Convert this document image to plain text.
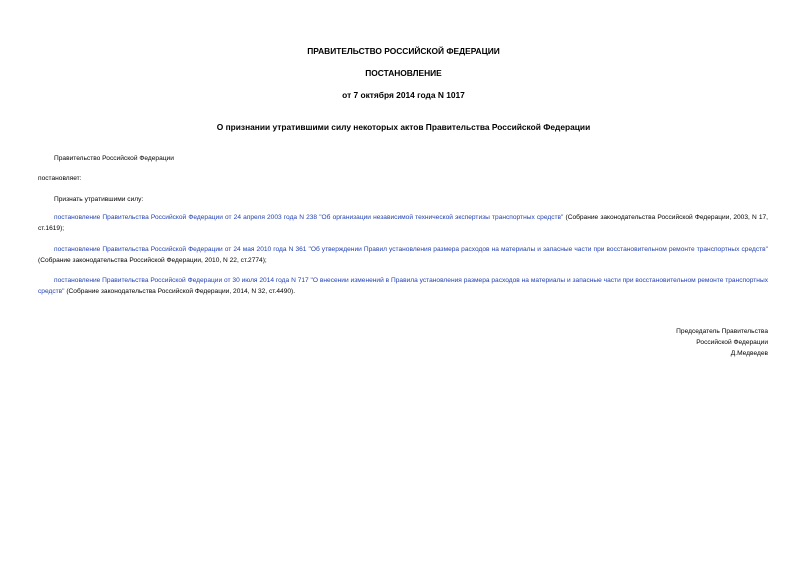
ПРАВИТЕЛЬСТВО РОССИЙСКОЙ ФЕДЕРАЦИИ
ПОСТАНОВЛЕНИЕ
от 7 октября 2014 года N 1017
О признании утратившими силу некоторых актов Правительства Российской Федерации
Правительство Российской Федерации
постановляет:
Признать утратившими силу:
постановление Правительства Российской Федерации от 24 апреля 2003 года N 238 "Об организации независимой технической экспертизы транспортных средств" (Собрание законодательства Российской Федерации, 2003, N 17, ст.1619);
постановление Правительства Российской Федерации от 24 мая 2010 года N 361 "Об утверждении Правил установления размера расходов на материалы и запасные части при восстановительном ремонте транспортных средств" (Собрание законодательства Российской Федерации, 2010, N 22, ст.2774);
постановление Правительства Российской Федерации от 30 июля 2014 года N 717 "О внесении изменений в Правила установления размера расходов на материалы и запасные части при восстановительном ремонте транспортных средств" (Собрание законодательства Российской Федерации, 2014, N 32, ст.4490).
Председатель Правительства
Российской Федерации
Д.Медведев
